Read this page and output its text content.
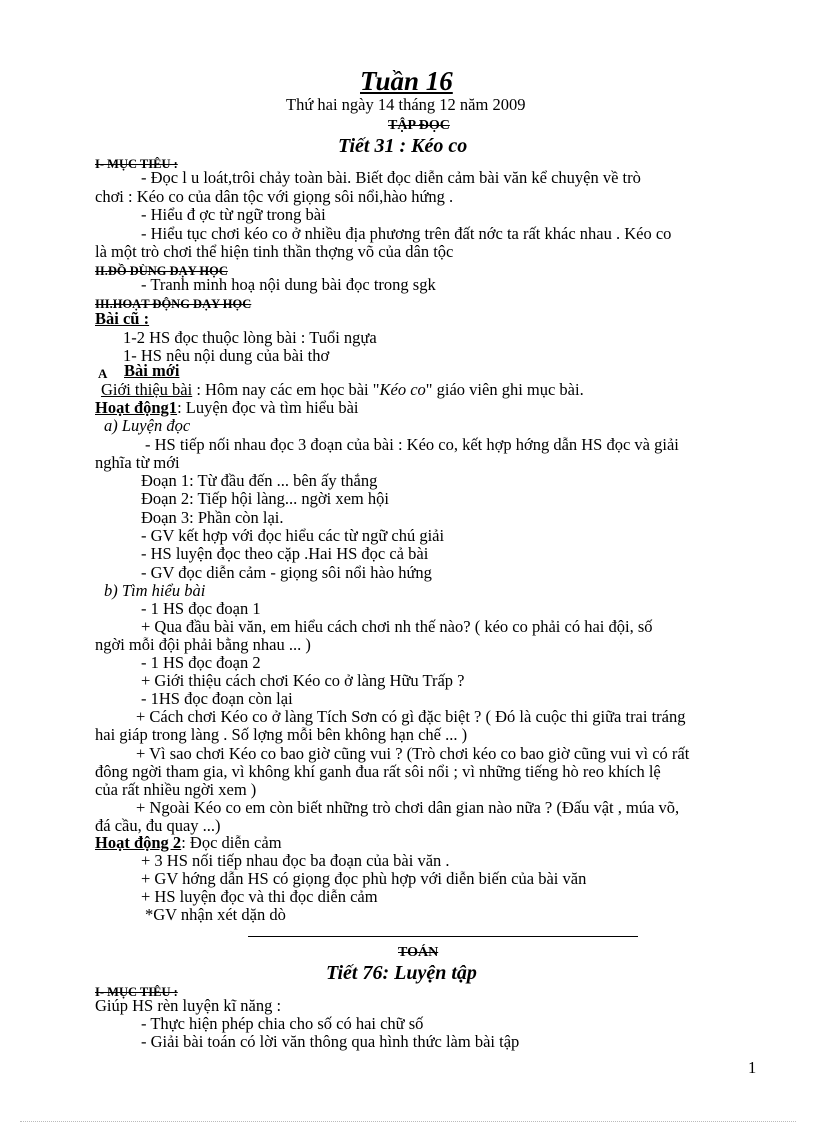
Tuần 16
Thứ hai ngày 14 tháng 12 năm 2009
TẬP ĐỌC
Tiết 31 : Kéo co
I- MỤC TIÊU :
- Đọc l u loát,trôi chảy toàn bài. Biết đọc diễn cảm bài văn kể chuyện về trò
chơi : Kéo co của dân tộc với giọng sôi nổi,hào hứng .
- Hiểu đ ợc từ ngữ trong bài
- Hiểu tục chơi kéo co ở nhiều địa phương trên đất nớc ta rất khác nhau . Kéo co
là một trò chơi thể hiện tinh thần thợng võ của dân tộc
II.ĐỒ DÙNG DẠY HỌC
- Tranh minh hoạ nội dung bài đọc trong sgk
III.HOẠT ĐỘNG DẠY HỌC
Bài cũ :
1-2 HS đọc thuộc lòng bài : Tuổi ngựa
1- HS nêu nội dung của bài thơ
A Bài mới
Giới thiệu bài : Hôm nay các em học bài "Kéo co" giáo viên ghi mục bài.
Hoạt động1: Luyện đọc và tìm hiểu bài
a) Luyện đọc
- HS tiếp nối nhau đọc 3 đoạn của bài : Kéo co, kết hợp hớng dẫn HS đọc và giải
nghĩa từ mới
Đoạn 1: Từ đầu đến ... bên ấy thắng
Đoạn 2: Tiếp hội làng... ngời xem hội
Đoạn 3: Phần còn lại.
- GV kết hợp với đọc hiểu các từ ngữ chú giải
- HS luyện đọc theo cặp .Hai HS đọc cả bài
- GV đọc diễn cảm - giọng sôi nổi hào hứng
b) Tìm hiểu bài
- 1 HS đọc đoạn 1
+ Qua đầu bài văn, em hiểu cách chơi nh thế nào? ( kéo co phải có hai đội, số
ngời mỗi đội phải bằng nhau ... )
- 1 HS đọc đoạn 2
+ Giới thiệu cách chơi Kéo co ở làng Hữu Trấp ?
- 1HS đọc đoạn còn lại
+ Cách chơi Kéo co ở làng Tích Sơn có gì đặc biệt ? ( Đó là cuộc thi giữa trai tráng
hai giáp trong làng . Số lợng mỗi bên không hạn chế ... )
+ Vì sao chơi Kéo co bao giờ cũng vui ? (Trò chơi kéo co bao giờ cũng vui vì có rất
đông ngời tham gia, vì không khí ganh đua rất sôi nổi ; vì những tiếng hò reo khích lệ
của rất nhiều ngời xem )
+ Ngoài Kéo co em còn biết những trò chơi dân gian nào nữa ? (Đấu vật , múa võ,
đá cầu, đu quay ...)
Hoạt động 2: Đọc diễn cảm
+ 3 HS nối tiếp nhau đọc ba đoạn của bài văn .
+ GV hớng dẫn HS có giọng đọc phù hợp với diễn biến của bài văn
+ HS luyện đọc và thi đọc diễn cảm
*GV nhận xét dặn dò
TOÁN
Tiết 76: Luyện tập
I- MỤC TIÊU :
Giúp HS rèn luyện kĩ năng :
- Thực hiện phép chia cho số có hai chữ số
- Giải bài toán có lời văn thông qua hình thức làm bài tập
1
